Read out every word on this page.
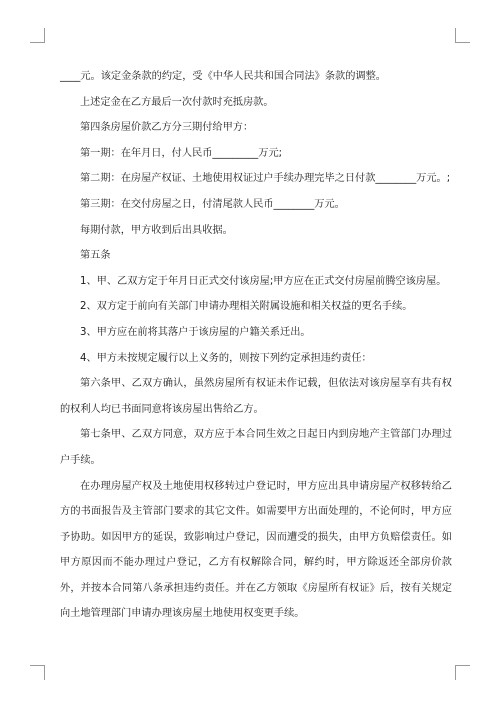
____元。该定金条款的约定，受《中华人民共和国合同法》条款的调整。

上述定金在乙方最后一次付款时充抵房款。

第四条房屋价款乙方分三期付给甲方：

第一期：在年月日，付人民币_________万元;

第二期：在房屋产权证、土地使用权证过户手续办理完毕之日付款________万元。;

第三期：在交付房屋之日，付清尾款人民币________万元。

每期付款，甲方收到后出具收据。

第五条

1、甲、乙双方定于年月日正式交付该房屋;甲方应在正式交付房屋前腾空该房屋。

2、双方定于前向有关部门申请办理相关附属设施和相关权益的更名手续。

3、甲方应在前将其落户于该房屋的户籍关系迁出。

4、甲方未按规定履行以上义务的，则按下列约定承担违约责任：

第六条甲、乙双方确认，虽然房屋所有权证未作记载，但依法对该房屋享有共有权的权利人均已书面同意将该房屋出售给乙方。

第七条甲、乙双方同意，双方应于本合同生效之日起日内到房地产主管部门办理过户手续。

在办理房屋产权及土地使用权移转过户登记时，甲方应出具申请房屋产权移转给乙方的书面报告及主管部门要求的其它文件。如需要甲方出面处理的，不论何时，甲方应予协助。如因甲方的延误，致影响过户登记，因而遭受的损失，由甲方负赔偿责任。如甲方原因而不能办理过户登记，乙方有权解除合同，解约时，甲方除返还全部房价款外，并按本合同第八条承担违约责任。并在乙方领取《房屋所有权证》后，按有关规定向土地管理部门申请办理该房屋土地使用权变更手续。
